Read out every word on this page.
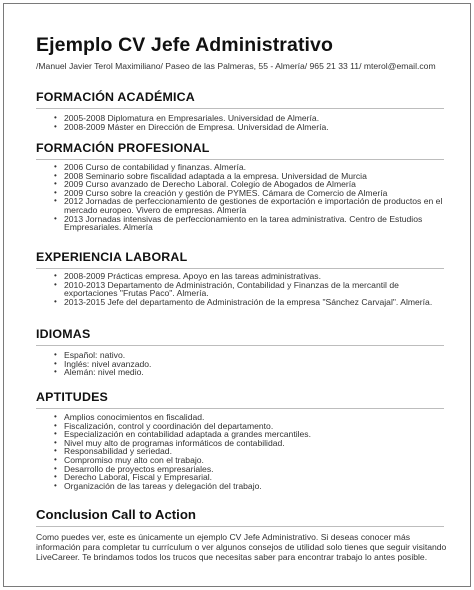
Ejemplo CV Jefe Administrativo
/Manuel Javier Terol Maximiliano/ Paseo de las Palmeras, 55 - Almería/ 965 21 33 11/ mterol@email.com
FORMACIÓN ACADÉMICA
• 2005-2008 Diplomatura en Empresariales. Universidad de Almería.
• 2008-2009 Máster en Dirección de Empresa. Universidad de Almería.
FORMACIÓN PROFESIONAL
• 2006 Curso de contabilidad y finanzas. Almería.
• 2008 Seminario sobre fiscalidad adaptada a la empresa. Universidad de Murcia
• 2009 Curso avanzado de Derecho Laboral. Colegio de Abogados de Almería
• 2009 Curso sobre la creación y gestión de PYMES. Cámara de Comercio de Almería
• 2012 Jornadas de perfeccionamiento de gestiones de exportación e importación de productos en el mercado europeo. Vivero de empresas. Almería
• 2013 Jornadas intensivas de perfeccionamiento en la tarea administrativa. Centro de Estudios Empresariales. Almería
EXPERIENCIA LABORAL
• 2008-2009 Prácticas empresa. Apoyo en las tareas administrativas.
• 2010-2013 Departamento de Administración, Contabilidad y Finanzas de la mercantil de exportaciones "Frutas Paco". Almería.
• 2013-2015 Jefe del departamento de Administración de la empresa "Sánchez Carvajal". Almería.
IDIOMAS
• Español: nativo.
• Inglés: nivel avanzado.
• Alemán: nivel medio.
APTITUDES
• Amplios conocimientos en fiscalidad.
• Fiscalización, control y coordinación del departamento.
• Especialización en contabilidad adaptada a grandes mercantiles.
• Nivel muy alto de programas informáticos de contabilidad.
• Responsabilidad y seriedad.
• Compromiso muy alto con el trabajo.
• Desarrollo de proyectos empresariales.
• Derecho Laboral, Fiscal y Empresarial.
• Organización de las tareas y delegación del trabajo.
Conclusion Call to Action
Como puedes ver, este es únicamente un ejemplo CV Jefe Administrativo. Si deseas conocer más información para completar tu currículum o ver algunos consejos de utilidad solo tienes que seguir visitando LiveCareer. Te brindamos todos los trucos que necesitas saber para encontrar trabajo lo antes posible.
